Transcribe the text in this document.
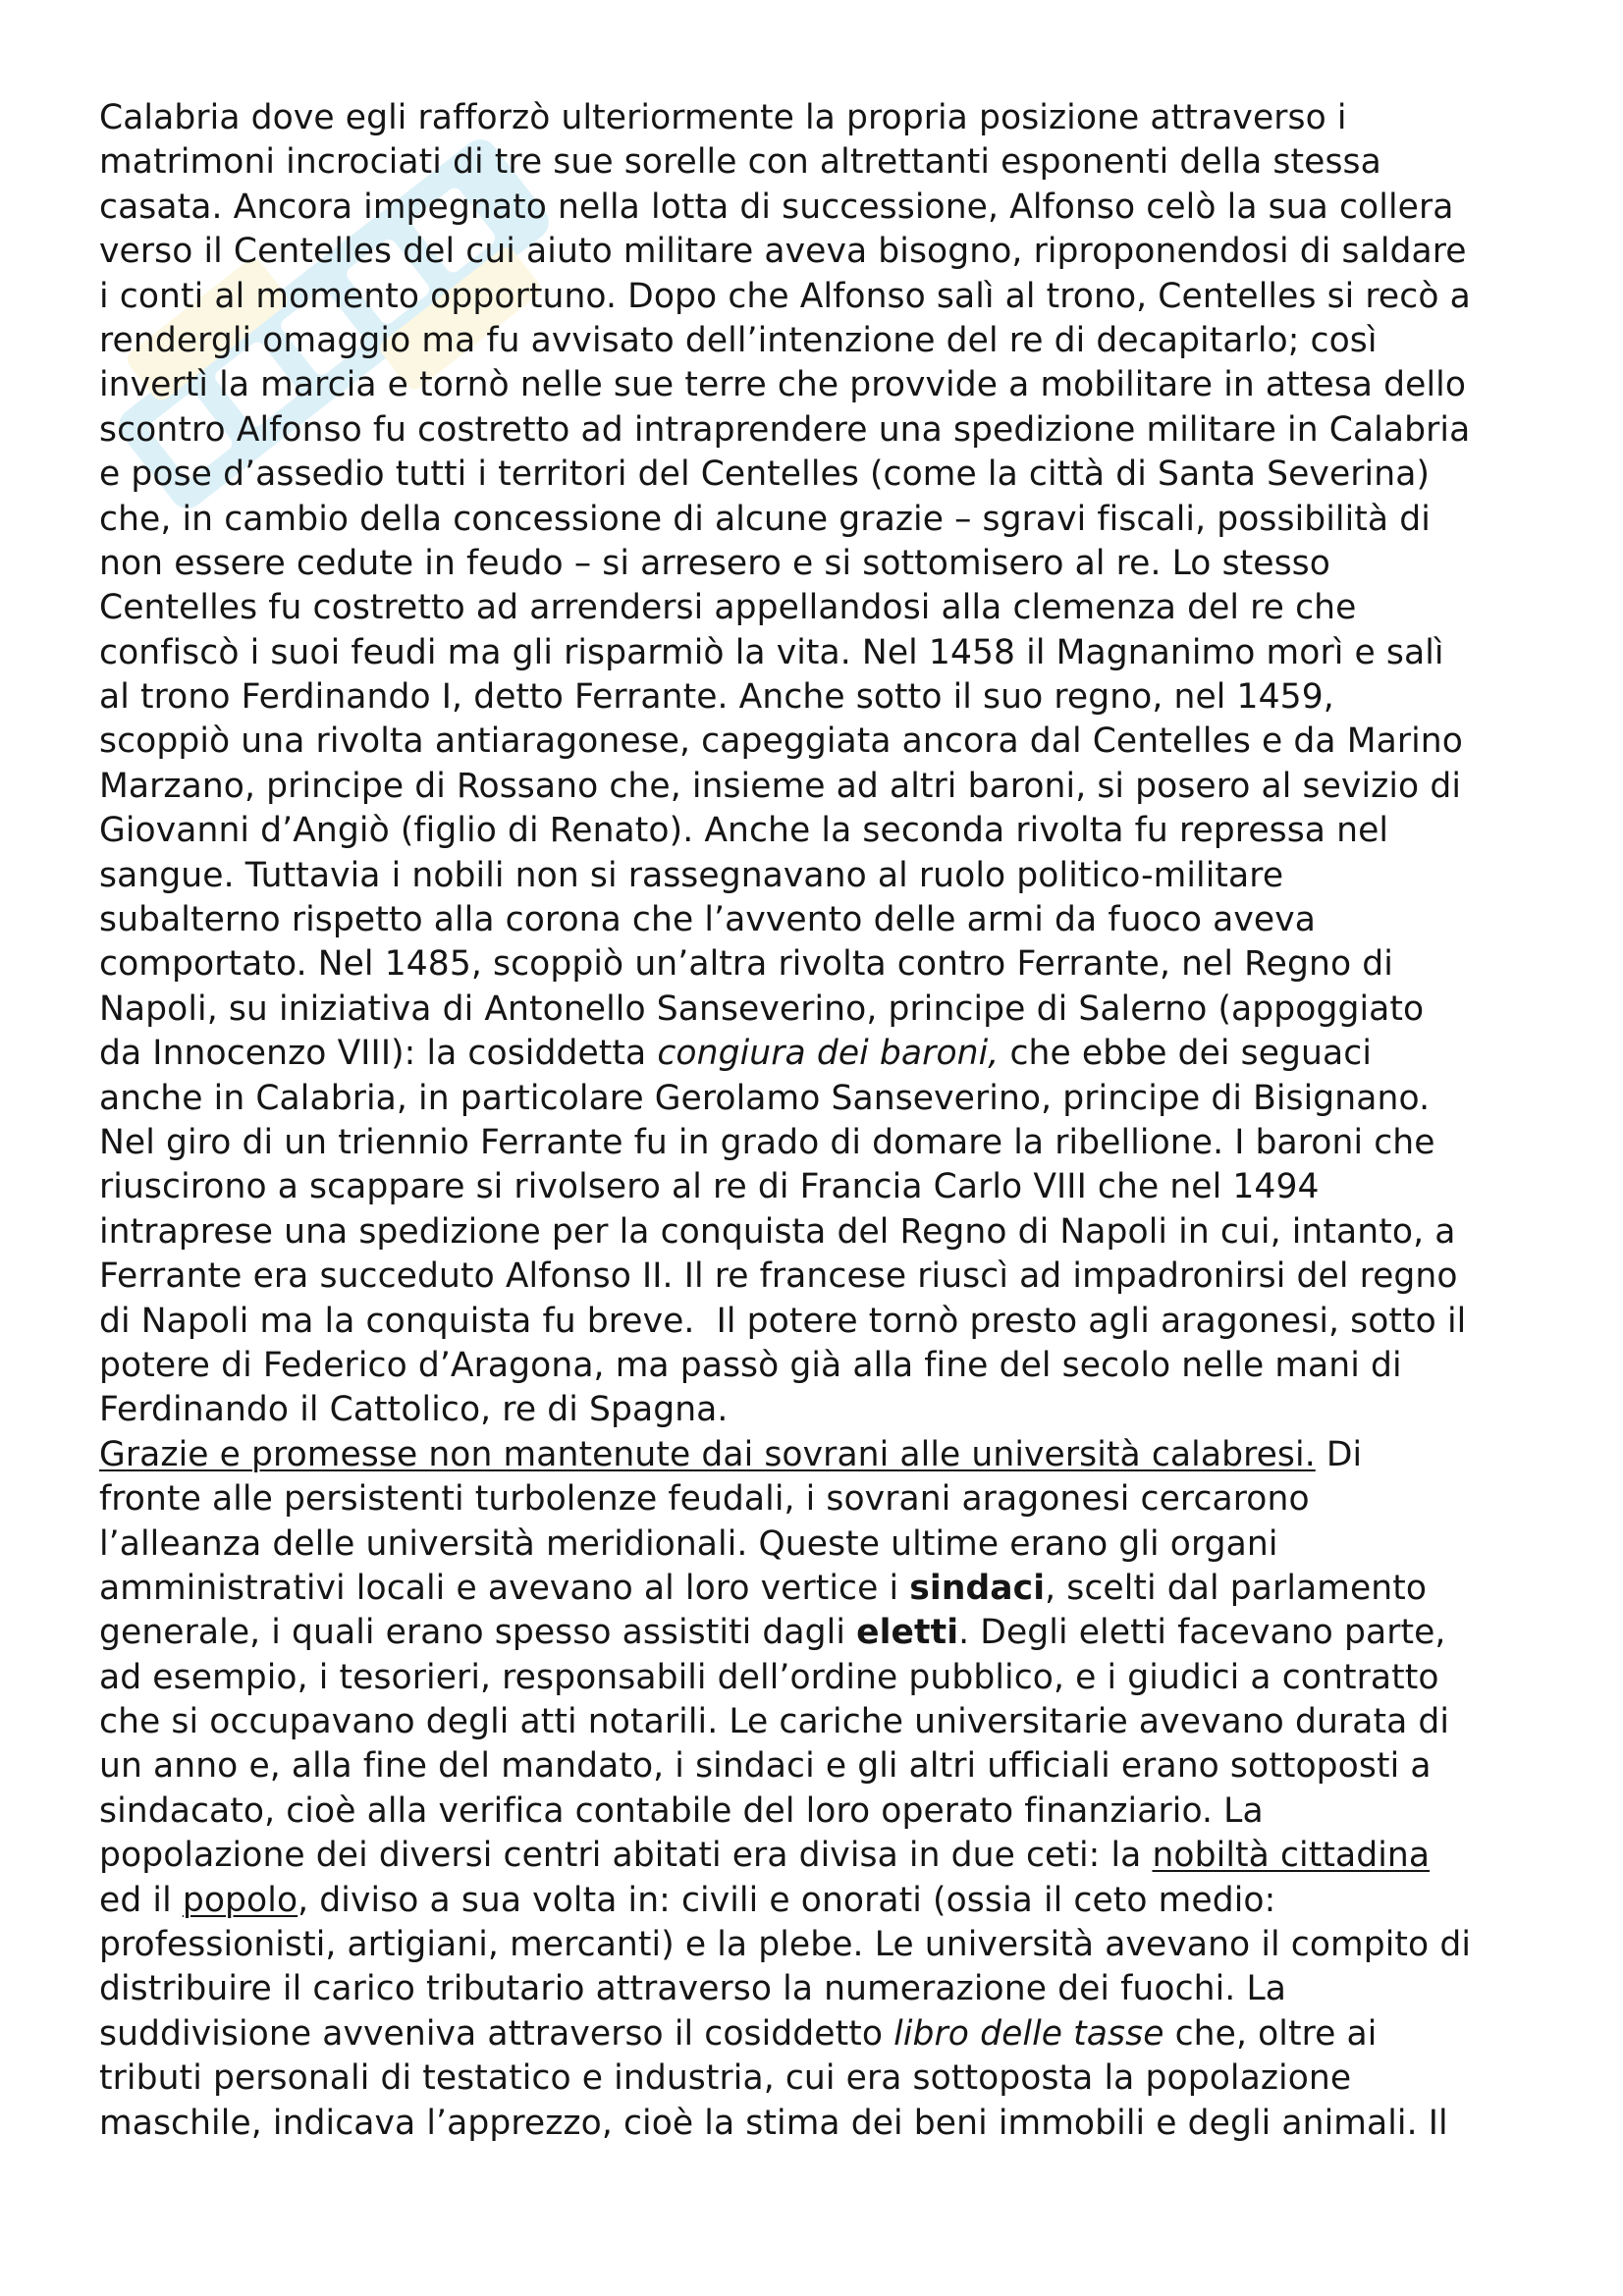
Calabria dove egli rafforzò ulteriormente la propria posizione attraverso i
matrimoni incrociati di tre sue sorelle con altrettanti esponenti della stessa
casata. Ancora impegnato nella lotta di successione, Alfonso celò la sua collera
verso il Centelles del cui aiuto militare aveva bisogno, riproponendosi di saldare
i conti al momento opportuno. Dopo che Alfonso salì al trono, Centelles si recò a
rendergli omaggio ma fu avvisato dell’intenzione del re di decapitarlo; così
invertì la marcia e tornò nelle sue terre che provvide a mobilitare in attesa dello
scontro Alfonso fu costretto ad intraprendere una spedizione militare in Calabria
e pose d’assedio tutti i territori del Centelles (come la città di Santa Severina)
che, in cambio della concessione di alcune grazie – sgravi fiscali, possibilità di
non essere cedute in feudo – si arresero e si sottomisero al re. Lo stesso
Centelles fu costretto ad arrendersi appellandosi alla clemenza del re che
confiscò i suoi feudi ma gli risparmiò la vita. Nel 1458 il Magnanimo morì e salì
al trono Ferdinando I, detto Ferrante. Anche sotto il suo regno, nel 1459,
scoppiò una rivolta antiaragonese, capeggiata ancora dal Centelles e da Marino
Marzano, principe di Rossano che, insieme ad altri baroni, si posero al sevizio di
Giovanni d’Angiò (figlio di Renato). Anche la seconda rivolta fu repressa nel
sangue. Tuttavia i nobili non si rassegnavano al ruolo politico-militare
subalterno rispetto alla corona che l’avvento delle armi da fuoco aveva
comportato. Nel 1485, scoppiò un’altra rivolta contro Ferrante, nel Regno di
Napoli, su iniziativa di Antonello Sanseverino, principe di Salerno (appoggiato
da Innocenzo VIII): la cosiddetta congiura dei baroni, che ebbe dei seguaci
anche in Calabria, in particolare Gerolamo Sanseverino, principe di Bisignano.
Nel giro di un triennio Ferrante fu in grado di domare la ribellione. I baroni che
riuscirono a scappare si rivolsero al re di Francia Carlo VIII che nel 1494
intraprese una spedizione per la conquista del Regno di Napoli in cui, intanto, a
Ferrante era succeduto Alfonso II. Il re francese riuscì ad impadronirsi del regno
di Napoli ma la conquista fu breve.  Il potere tornò presto agli aragonesi, sotto il
potere di Federico d’Aragona, ma passò già alla fine del secolo nelle mani di
Ferdinando il Cattolico, re di Spagna.
Grazie e promesse non mantenute dai sovrani alle università calabresi. Di
fronte alle persistenti turbolenze feudali, i sovrani aragonesi cercarono
l’alleanza delle università meridionali. Queste ultime erano gli organi
amministrativi locali e avevano al loro vertice i sindaci, scelti dal parlamento
generale, i quali erano spesso assistiti dagli eletti. Degli eletti facevano parte,
ad esempio, i tesorieri, responsabili dell’ordine pubblico, e i giudici a contratto
che si occupavano degli atti notarili. Le cariche universitarie avevano durata di
un anno e, alla fine del mandato, i sindaci e gli altri ufficiali erano sottoposti a
sindacato, cioè alla verifica contabile del loro operato finanziario. La
popolazione dei diversi centri abitati era divisa in due ceti: la nobiltà cittadina
ed il popolo, diviso a sua volta in: civili e onorati (ossia il ceto medio:
professionisti, artigiani, mercanti) e la plebe. Le università avevano il compito di
distribuire il carico tributario attraverso la numerazione dei fuochi. La
suddivisione avveniva attraverso il cosiddetto libro delle tasse che, oltre ai
tributi personali di testatico e industria, cui era sottoposta la popolazione
maschile, indicava l’apprezzo, cioè la stima dei beni immobili e degli animali. Il
